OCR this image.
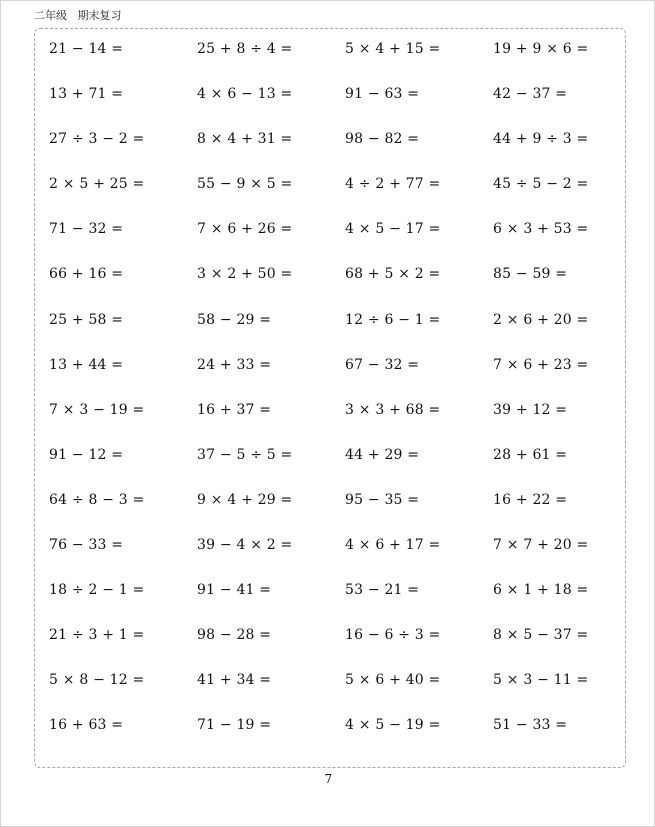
二年级   期末复习
21 − 14 =	25 + 8 ÷ 4 =	5 × 4 + 15 =	19 + 9 × 6 =
13 + 71 =	4 × 6 − 13 =	91 − 63 =	42 − 37 =
27 ÷ 3 − 2 =	8 × 4 + 31 =	98 − 82 =	44 + 9 ÷ 3 =
2 × 5 + 25 =	55 − 9 × 5 =	4 ÷ 2 + 77 =	45 ÷ 5 − 2 =
71 − 32 =	7 × 6 + 26 =	4 × 5 − 17 =	6 × 3 + 53 =
66 + 16 =	3 × 2 + 50 =	68 + 5 × 2 =	85 − 59 =
25 + 58 =	58 − 29 =	12 ÷ 6 − 1 =	2 × 6 + 20 =
13 + 44 =	24 + 33 =	67 − 32 =	7 × 6 + 23 =
7 × 3 − 19 =	16 + 37 =	3 × 3 + 68 =	39 + 12 =
91 − 12 =	37 − 5 ÷ 5 =	44 + 29 =	28 + 61 =
64 ÷ 8 − 3 =	9 × 4 + 29 =	95 − 35 =	16 + 22 =
76 − 33 =	39 − 4 × 2 =	4 × 6 + 17 =	7 × 7 + 20 =
18 ÷ 2 − 1 =	91 − 41 =	53 − 21 =	6 × 1 + 18 =
21 ÷ 3 + 1 =	98 − 28 =	16 − 6 ÷ 3 =	8 × 5 − 37 =
5 × 8 − 12 =	41 + 34 =	5 × 6 + 40 =	5 × 3 − 11 =
16 + 63 =	71 − 19 =	4 × 5 − 19 =	51 − 33 =
7
